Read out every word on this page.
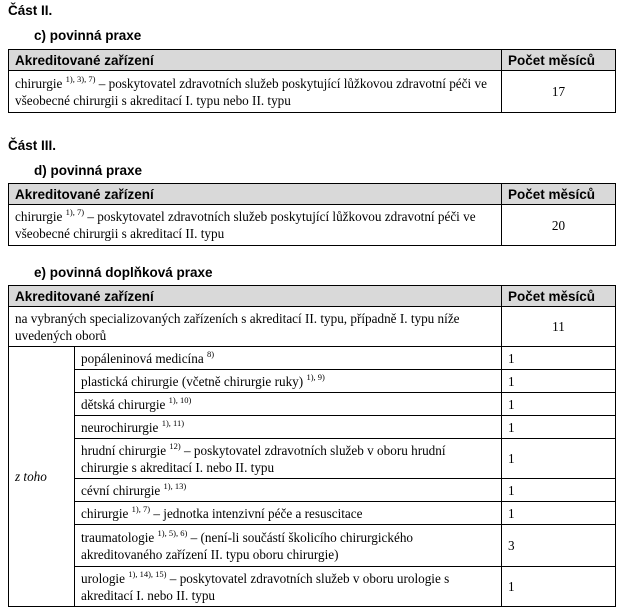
Část II.
c) povinná praxe
Akreditované zařízení	Počet měsíců
chirurgie $^{1), 3), 7)}$ – poskytovatel zdravotních služeb poskytující lůžkovou zdravotní péči ve všeobecné chirurgii s akreditací I. typu nebo II. typu	17
Část III.
d) povinná praxe
Akreditované zařízení	Počet měsíců
chirurgie $^{1), 7)}$ – poskytovatel zdravotních služeb poskytující lůžkovou zdravotní péči ve všeobecné chirurgii s akreditací II. typu	20
e) povinná doplňková praxe
Akreditované zařízení		Počet měsíců
na vybraných specializovaných zařízeních s akreditací II. typu, případně I. typu níže uvedených oborů		11
z toho	popáleninová medicína $^{8)}$	1
	plastická chirurgie (včetně chirurgie ruky) $^{1), 9)}$	1
	dětská chirurgie $^{1), 10)}$	1
	neurochirurgie $^{1), 11)}$	1
	hrudní chirurgie $^{12)}$ – poskytovatel zdravotních služeb v oboru hrudní chirurgie s akreditací I. nebo II. typu	1
	cévní chirurgie $^{1), 13)}$	1
	chirurgie $^{1), 7)}$ – jednotka intenzivní péče a resuscitace	1
	traumatologie $^{1), 5), 6)}$ – (není-li součástí školicího chirurgického akreditovaného zařízení II. typu oboru chirurgie)	3
	urologie $^{1), 14), 15)}$ – poskytovatel zdravotních služeb v oboru urologie s akreditací I. nebo II. typu	1
